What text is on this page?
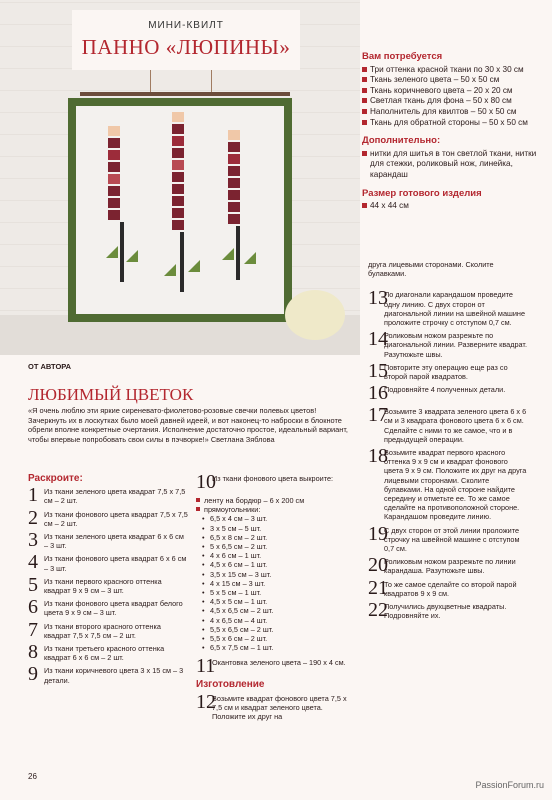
МИНИ-КВИЛТ
ПАННО «ЛЮПИНЫ»	Вам потребуется
Три оттенка красной ткани по 30 х 30 см
Ткань зеленого цвета – 50 х 50 см
Ткань коричневого цвета – 20 х 20 см
Светлая ткань для фона – 50 х 80 см
Наполнитель для квилтов – 50 х 50 см
Ткань для обратной стороны – 50 х 50 см
Дополнительно:
нитки для шитья в тон светлой ткани, нитки для стежки, роликовый нож, линейка, карандаш
Размер готового изделия
44 х 44 см
ОТ АВТОРА
ЛЮБИМЫЙ ЦВЕТОК
«Я очень люблю эти яркие сиреневато-фиолетово-розовые свечки полевых цветов! Зачеркнуть их в лоскутках было моей давней идеей, и вот наконец-то наброски в блокноте обрели вполне конкретные очертания. Исполнение достаточно простое, идеальный вариант, чтобы впервые попробовать свои силы в пэчворке!» Светлана Зяблова
Раскроите:
1 Из ткани зеленого цвета квадрат 7,5 х 7,5 см – 2 шт.
2 Из ткани фонового цвета квадрат 7,5 х 7,5 см – 2 шт.
3 Из ткани зеленого цвета квадрат 6 х 6 см – 3 шт.
4 Из ткани фонового цвета квадрат 6 х 6 см – 3 шт.
5 Из ткани первого красного оттенка квадрат 9 х 9 см – 3 шт.
6 Из ткани фонового цвета квадрат белого цвета 9 х 9 см – 3 шт.
7 Из ткани второго красного оттенка квадрат 7,5 х 7,5 см – 2 шт.
8 Из ткани третьего красного оттенка квадрат 6 х 6 см – 2 шт.
9 Из ткани коричневого цвета 3 х 15 см – 3 детали.
10
Из ткани фонового цвета выкроите:
ленту на бордюр – 6 х 200 см
прямоугольники:
• 6,5 х 4 см – 3 шт.
• 3 х 5 см – 5 шт.
• 6,5 х 8 см – 2 шт.
• 5 х 6,5 см – 2 шт.
• 4 х 6 см – 1 шт.
• 4,5 х 6 см – 1 шт.
• 3,5 х 15 см – 3 шт.
• 4 х 15 см – 3 шт.
• 5 х 5 см – 1 шт.
• 4,5 х 5 см – 1 шт.
• 4,5 х 6,5 см – 2 шт.
• 4 х 6,5 см – 4 шт.
• 5,5 х 6,5 см – 2 шт.
• 5,5 х 6 см – 2 шт.
• 6,5 х 7,5 см – 1 шт.
11
Окантовка зеленого цвета – 190 х 4 см.
Изготовление
12
Возьмите квадрат фонового цвета 7,5 х 7,5 см и квадрат зеленого цвета. Положите их друг на
друга лицевыми сторонами. Сколите булавками.
13
По диагонали карандашом проведите одну линию. С двух сторон от диагональной линии на швейной машине проложите строчку с отступом 0,7 см.
14
Роликовым ножом разрежьте по диагональной линии. Разверните квадрат. Разутюжьте швы.
15
Повторите эту операцию еще раз со второй парой квадратов.
16
Подровняйте 4 полученных детали.
17
Возьмите 3 квадрата зеленого цвета 6 х 6 см и 3 квадрата фонового цвета 6 х 6 см. Сделайте с ними то же самое, что и в предыдущей операции.
18
Возьмите квадрат первого красного оттенка 9 х 9 см и квадрат фонового цвета 9 х 9 см. Положите их друг на друга лицевыми сторонами. Сколите булавками. На одной стороне найдите середину и отметьте ее. То же самое сделайте на противоположной стороне. Карандашом проведите линию.
19
С двух сторон от этой линии проложите строчку на швейной машине с отступом 0,7 см.
20
Роликовым ножом разрежьте по линии карандаша. Разутюжьте швы.
21
То же самое сделайте со второй парой квадратов 9 х 9 см.
22
Получились двухцветные квадраты. Подровняйте их.
26
PassionForum.ru
